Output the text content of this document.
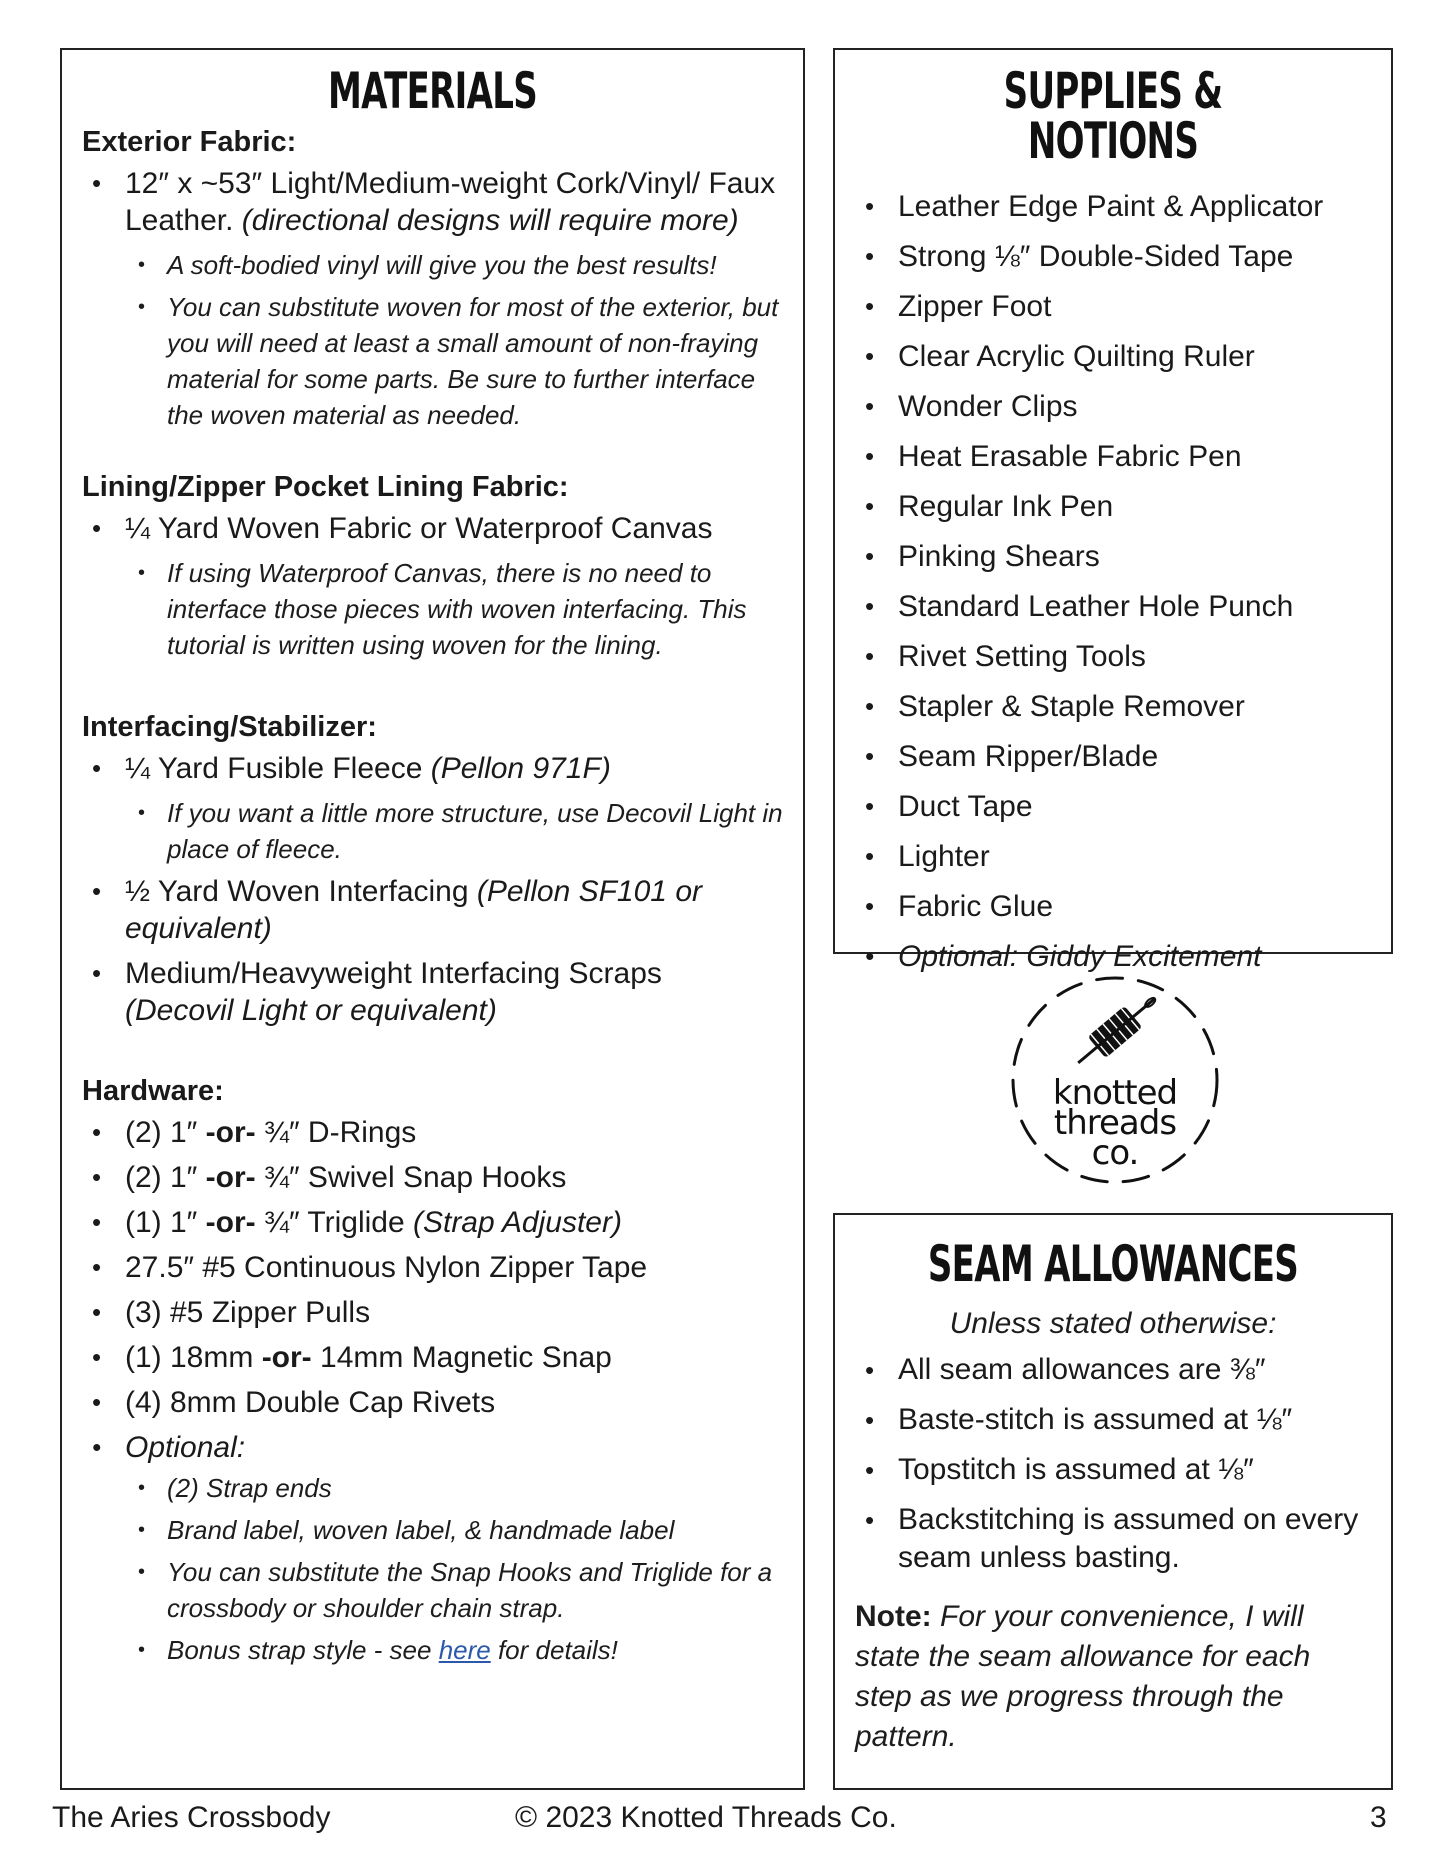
MATERIALS
Exterior Fabric:
• 12″ x ~53″ Light/Medium-weight Cork/Vinyl/ Faux Leather. (directional designs will require more)
• A soft-bodied vinyl will give you the best results!
• You can substitute woven for most of the exterior, but you will need at least a small amount of non-fraying material for some parts. Be sure to further interface the woven material as needed.
Lining/Zipper Pocket Lining Fabric:
• ¼ Yard Woven Fabric or Waterproof Canvas
• If using Waterproof Canvas, there is no need to interface those pieces with woven interfacing. This tutorial is written using woven for the lining.
Interfacing/Stabilizer:
• ¼ Yard Fusible Fleece (Pellon 971F)
• If you want a little more structure, use Decovil Light in place of fleece.
• ½ Yard Woven Interfacing (Pellon SF101 or equivalent)
• Medium/Heavyweight Interfacing Scraps
(Decovil Light or equivalent)
Hardware:
• (2) 1″ -or- ¾″ D-Rings
• (2) 1″ -or- ¾″ Swivel Snap Hooks
• (1) 1″ -or- ¾″ Triglide (Strap Adjuster)
• 27.5″ #5 Continuous Nylon Zipper Tape
• (3) #5 Zipper Pulls
• (1) 18mm -or- 14mm Magnetic Snap
• (4) 8mm Double Cap Rivets
• Optional:
• (2) Strap ends
• Brand label, woven label, & handmade label
• You can substitute the Snap Hooks and Triglide for a crossbody or shoulder chain strap.
• Bonus strap style - see here for details!
SUPPLIES & NOTIONS
• Leather Edge Paint & Applicator
• Strong ⅛″ Double-Sided Tape
• Zipper Foot
• Clear Acrylic Quilting Ruler
• Wonder Clips
• Heat Erasable Fabric Pen
• Regular Ink Pen
• Pinking Shears
• Standard Leather Hole Punch
• Rivet Setting Tools
• Stapler & Staple Remover
• Seam Ripper/Blade
• Duct Tape
• Lighter
• Fabric Glue
• Optional: Giddy Excitement
knotted
threads
co.
SEAM ALLOWANCES
Unless stated otherwise:
• All seam allowances are ⅜″
• Baste-stitch is assumed at ⅛″
• Topstitch is assumed at ⅛″
• Backstitching is assumed on every seam unless basting.
Note: For your convenience, I will state the seam allowance for each step as we progress through the pattern.
The Aries Crossbody	© 2023 Knotted Threads Co.	3
